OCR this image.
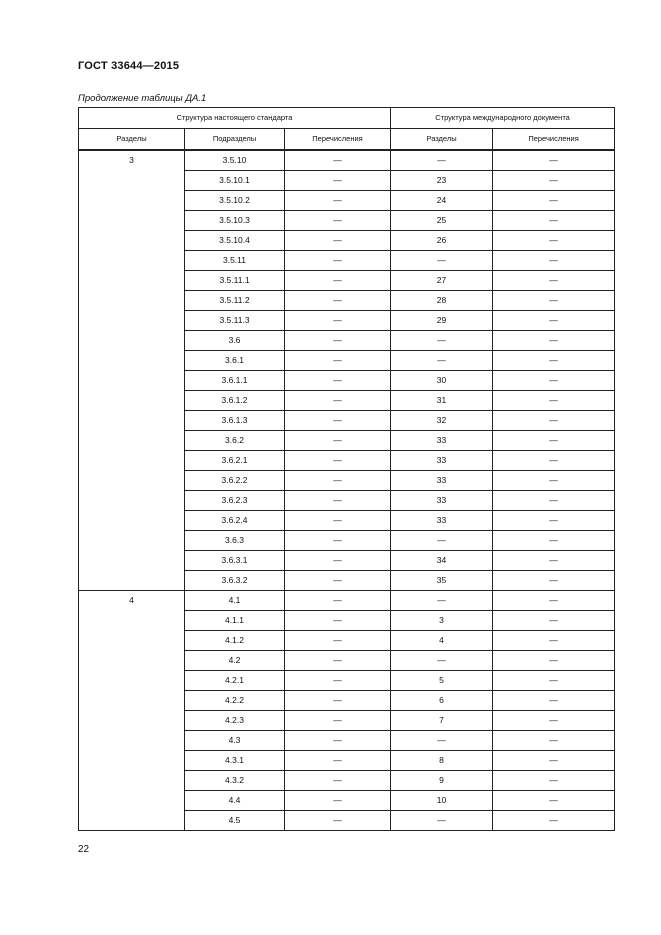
ГОСТ 33644—2015
Продолжение таблицы ДА.1
Структура настоящего стандарта			Структура международного документа	
Разделы	Подразделы	Перечисления	Разделы	Перечисления
3	3.5.10	—	—	—
	3.5.10.1	—	23	—
	3.5.10.2	—	24	—
	3.5.10.3	—	25	—
	3.5.10.4	—	26	—
	3.5.11	—	—	—
	3.5.11.1	—	27	—
	3.5.11.2	—	28	—
	3.5.11.3	—	29	—
	3.6	—	—	—
	3.6.1	—	—	—
	3.6.1.1	—	30	—
	3.6.1.2	—	31	—
	3.6.1.3	—	32	—
	3.6.2	—	33	—
	3.6.2.1	—	33	—
	3.6.2.2	—	33	—
	3.6.2.3	—	33	—
	3.6.2.4	—	33	—
	3.6.3	—	—	—
	3.6.3.1	—	34	—
	3.6.3.2	—	35	—
4	4.1	—	—	—
	4.1.1	—	3	—
	4.1.2	—	4	—
	4.2	—	—	—
	4.2.1	—	5	—
	4.2.2	—	6	—
	4.2.3	—	7	—
	4.3	—	—	—
	4.3.1	—	8	—
	4.3.2	—	9	—
	4.4	—	10	—
	4.5	—	—	—
22
